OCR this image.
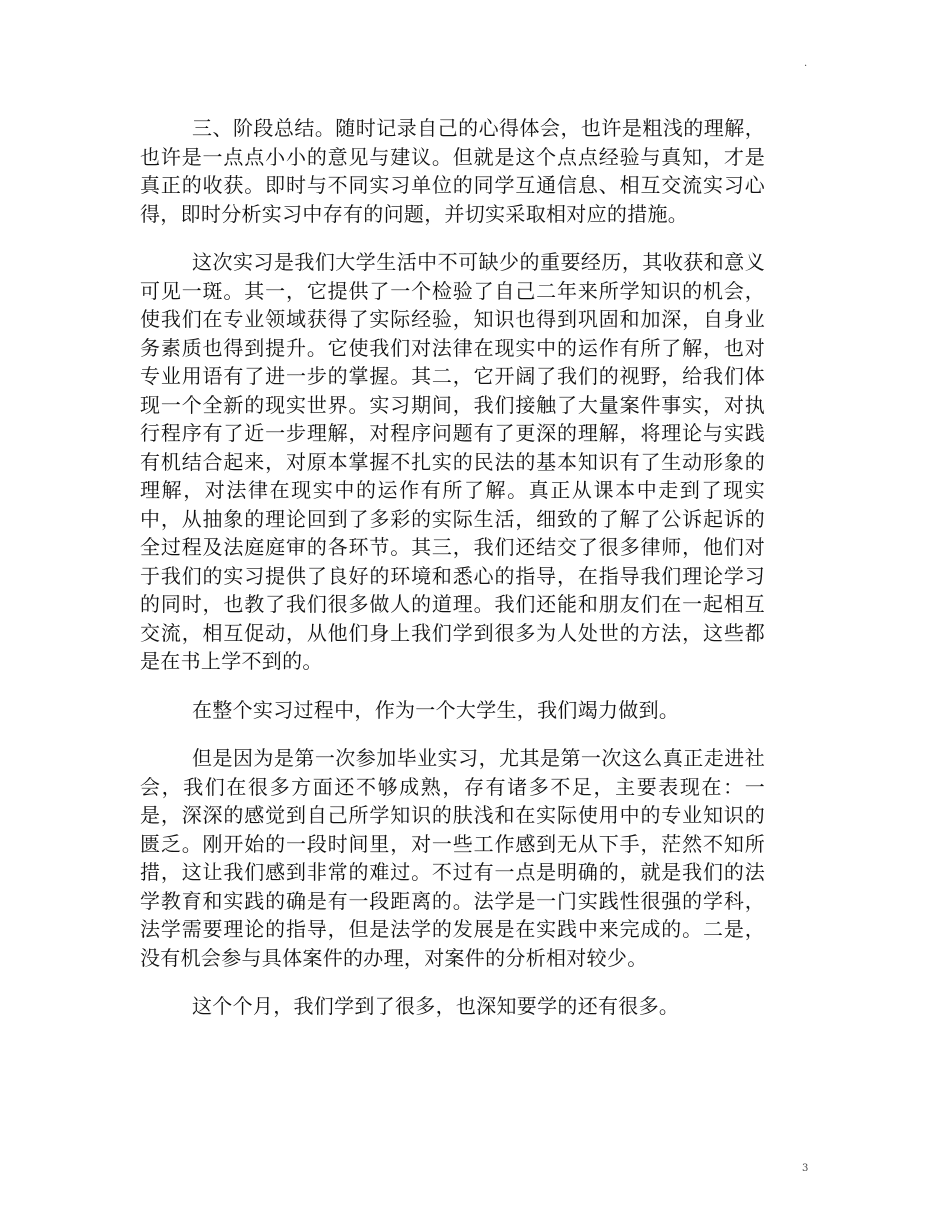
.

三、阶段总结。随时记录自己的心得体会，也许是粗浅的理解，也许是一点点小小的意见与建议。但就是这个点点经验与真知，才是真正的收获。即时与不同实习单位的同学互通信息、相互交流实习心得，即时分析实习中存有的问题，并切实采取相对应的措施。

这次实习是我们大学生活中不可缺少的重要经历，其收获和意义可见一斑。其一，它提供了一个检验了自己二年来所学知识的机会，使我们在专业领域获得了实际经验，知识也得到巩固和加深，自身业务素质也得到提升。它使我们对法律在现实中的运作有所了解，也对专业用语有了进一步的掌握。其二，它开阔了我们的视野，给我们体现一个全新的现实世界。实习期间，我们接触了大量案件事实，对执行程序有了近一步理解，对程序问题有了更深的理解，将理论与实践有机结合起来，对原本掌握不扎实的民法的基本知识有了生动形象的理解，对法律在现实中的运作有所了解。真正从课本中走到了现实中，从抽象的理论回到了多彩的实际生活，细致的了解了公诉起诉的全过程及法庭庭审的各环节。其三，我们还结交了很多律师，他们对于我们的实习提供了良好的环境和悉心的指导，在指导我们理论学习的同时，也教了我们很多做人的道理。我们还能和朋友们在一起相互交流，相互促动，从他们身上我们学到很多为人处世的方法，这些都是在书上学不到的。

在整个实习过程中，作为一个大学生，我们竭力做到。

但是因为是第一次参加毕业实习，尤其是第一次这么真正走进社会，我们在很多方面还不够成熟，存有诸多不足，主要表现在：一是，深深的感觉到自己所学知识的肤浅和在实际使用中的专业知识的匮乏。刚开始的一段时间里，对一些工作感到无从下手，茫然不知所措，这让我们感到非常的难过。不过有一点是明确的，就是我们的法学教育和实践的确是有一段距离的。法学是一门实践性很强的学科，法学需要理论的指导，但是法学的发展是在实践中来完成的。二是，没有机会参与具体案件的办理，对案件的分析相对较少。

这个个月，我们学到了很多，也深知要学的还有很多。

3
